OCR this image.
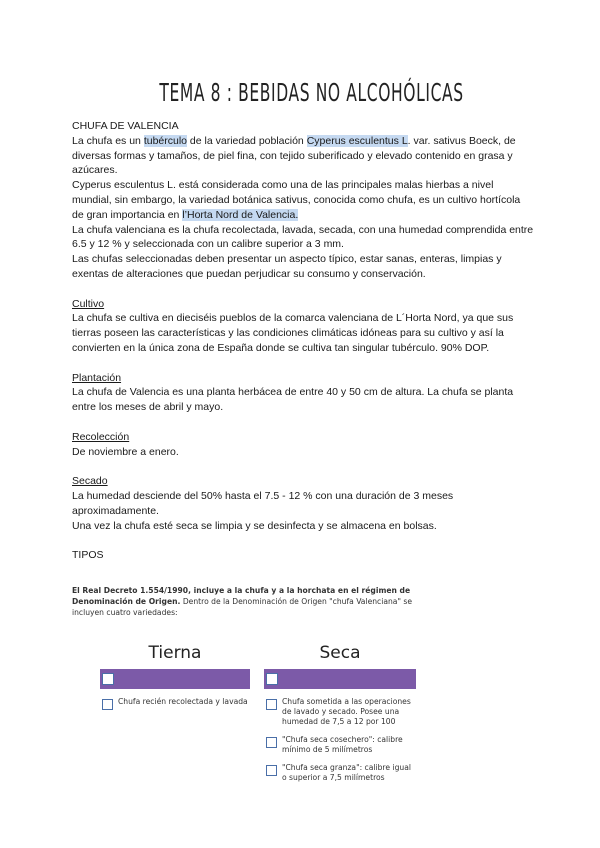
TEMA 8 : BEBIDAS NO ALCOHÓLICAS

CHUFA DE VALENCIA

La chufa es un tubérculo de la variedad población Cyperus esculentus L. var. sativus Boeck, de diversas formas y tamaños, de piel fina, con tejido suberificado y elevado contenido en grasa y azúcares.

Cyperus esculentus L. está considerada como una de las principales malas hierbas a nivel mundial, sin embargo, la variedad botánica sativus, conocida como chufa, es un cultivo hortícola de gran importancia en l’Horta Nord de Valencia.

La chufa valenciana es la chufa recolectada, lavada, secada, con una humedad comprendida entre 6.5 y 12 % y seleccionada con un calibre superior a 3 mm.

Las chufas seleccionadas deben presentar un aspecto típico, estar sanas, enteras, limpias y exentas de alteraciones que puedan perjudicar su consumo y conservación.

Cultivo

La chufa se cultiva en dieciséis pueblos de la comarca valenciana de L´Horta Nord, ya que sus tierras poseen las características y las condiciones climáticas idóneas para su cultivo y así la convierten en la única zona de España donde se cultiva tan singular tubérculo. 90% DOP.

Plantación

La chufa de Valencia es una planta herbácea de entre 40 y 50 cm de altura. La chufa se planta entre los meses de abril y mayo.

Recolección

De noviembre a enero.

Secado

La humedad desciende del 50% hasta el 7.5 - 12 % con una duración de 3 meses aproximadamente.

Una vez la chufa esté seca se limpia y se desinfecta y se almacena en bolsas.

TIPOS

El Real Decreto 1.554/1990, incluye a la chufa y a la horchata en el régimen de Denominación de Origen. Dentro de la Denominación de Origen "chufa Valenciana" se incluyen cuatro variedades:
Tierna
Chufa recién recolectada y lavada
Seca
Chufa sometida a las operaciones de lavado y secado. Posee una humedad de 7,5 a 12 por 100
"Chufa seca cosechero": calibre mínimo de 5 milímetros
"Chufa seca granza": calibre igual o superior a 7,5 milímetros
